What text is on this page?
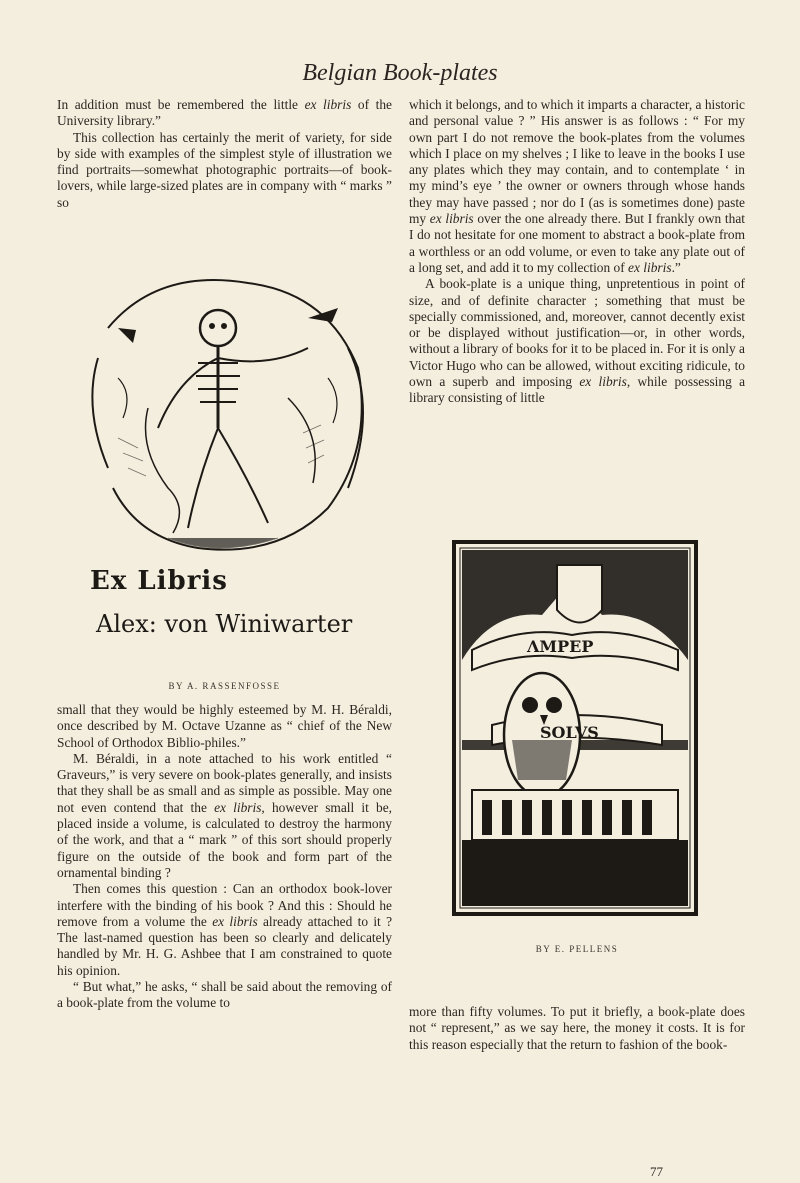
Belgian Book-plates

In addition must be remembered the little ex libris of the University library.”

This collection has certainly the merit of variety, for side by side with examples of the simplest style of illustration we find portraits—somewhat photographic portraits—of book-lovers, while large-sized plates are in company with “ marks ” so

Ex Libris
Alex: von Winiwarter
BY A. RASSENFOSSE

small that they would be highly esteemed by M. H. Béraldi, once described by M. Octave Uzanne as “ chief of the New School of Orthodox Biblio-philes.”

M. Béraldi, in a note attached to his work entitled “ Graveurs,” is very severe on book-plates generally, and insists that they shall be as small and as simple as possible. May one not even contend that the ex libris, however small it be, placed inside a volume, is calculated to destroy the harmony of the work, and that a “ mark ” of this sort should properly figure on the outside of the book and form part of the ornamental binding ?

Then comes this question : Can an orthodox book-lover interfere with the binding of his book ? And this : Should he remove from a volume the ex libris already attached to it ? The last-named question has been so clearly and delicately handled by Mr. H. G. Ashbee that I am constrained to quote his opinion.

“ But what,” he asks, “ shall be said about the removing of a book-plate from the volume to

which it belongs, and to which it imparts a character, a historic and personal value ? ” His answer is as follows : “ For my own part I do not remove the book-plates from the volumes which I place on my shelves ; I like to leave in the books I use any plates which they may contain, and to contemplate ‘ in my mind’s eye ’ the owner or owners through whose hands they may have passed ; nor do I (as is sometimes done) paste my ex libris over the one already there. But I frankly own that I do not hesitate for one moment to abstract a book-plate from a worthless or an odd volume, or even to take any plate out of a long set, and add it to my collection of ex libris.”

A book-plate is a unique thing, unpretentious in point of size, and of definite character ; something that must be specially commissioned, and, moreover, cannot decently exist or be displayed without justification—or, in other words, without a library of books for it to be placed in. For it is only a Victor Hugo who can be allowed, without exciting ridicule, to own a superb and imposing ex libris, while possessing a library consisting of little

ΛΜΡΕΡ
SOLVS
BY E. PELLENS

more than fifty volumes. To put it briefly, a book-plate does not “ represent,” as we say here, the money it costs. It is for this reason especially that the return to fashion of the book-

77
